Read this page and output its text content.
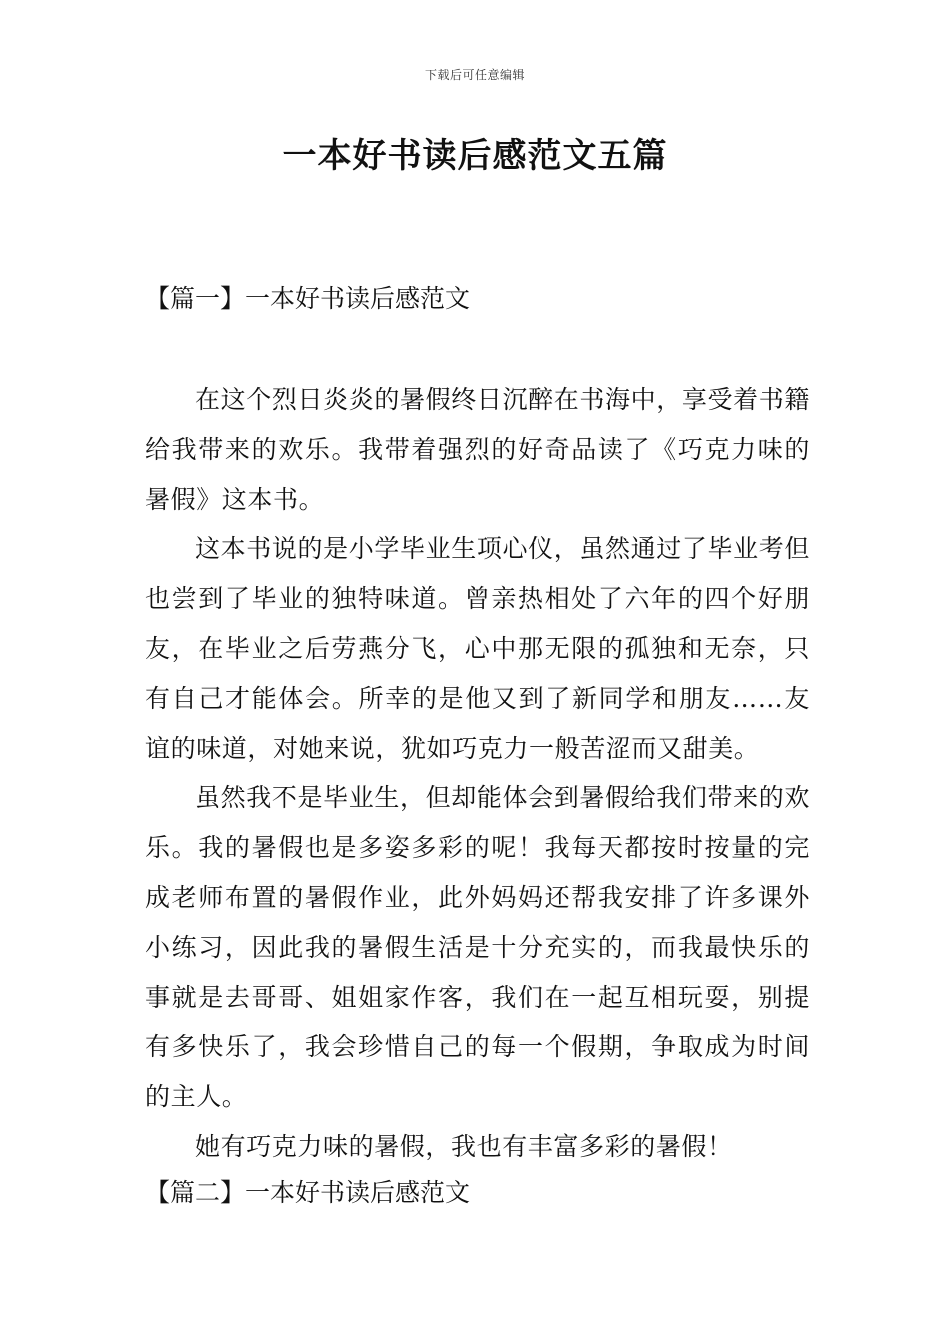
下载后可任意编辑
一本好书读后感范文五篇
【篇一】一本好书读后感范文

在这个烈日炎炎的暑假终日沉醉在书海中，享受着书籍给我带来的欢乐。我带着强烈的好奇品读了《巧克力味的暑假》这本书。

这本书说的是小学毕业生项心仪，虽然通过了毕业考但也尝到了毕业的独特味道。曾亲热相处了六年的四个好朋友，在毕业之后劳燕分飞，心中那无限的孤独和无奈，只有自己才能体会。所幸的是他又到了新同学和朋友……友谊的味道，对她来说，犹如巧克力一般苦涩而又甜美。

虽然我不是毕业生，但却能体会到暑假给我们带来的欢乐。我的暑假也是多姿多彩的呢！我每天都按时按量的完成老师布置的暑假作业，此外妈妈还帮我安排了许多课外小练习，因此我的暑假生活是十分充实的，而我最快乐的事就是去哥哥、姐姐家作客，我们在一起互相玩耍，别提有多快乐了，我会珍惜自己的每一个假期，争取成为时间的主人。

她有巧克力味的暑假，我也有丰富多彩的暑假！

【篇二】一本好书读后感范文
